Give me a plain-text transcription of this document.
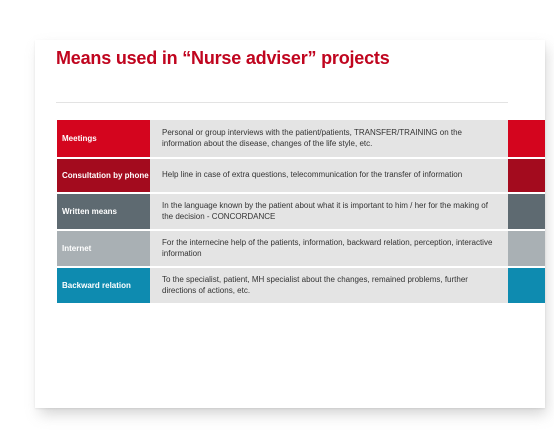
Means used in “Nurse adviser” projects
Meetings
Personal or group interviews with the patient/patients, TRANSFER/TRAINING on the information about the disease, changes of the life style, etc.
Consultation by phone	Help line in case of extra questions, telecommunication for the transfer of information
Written means
In the language known by the patient about what it is important to him / her for the making of the decision - CONCORDANCE
Internet
For the internecine help of the patients, information, backward relation, perception, interactive information
Backward relation
To the specialist, patient, MH specialist about the changes, remained problems, further directions of actions, etc.
